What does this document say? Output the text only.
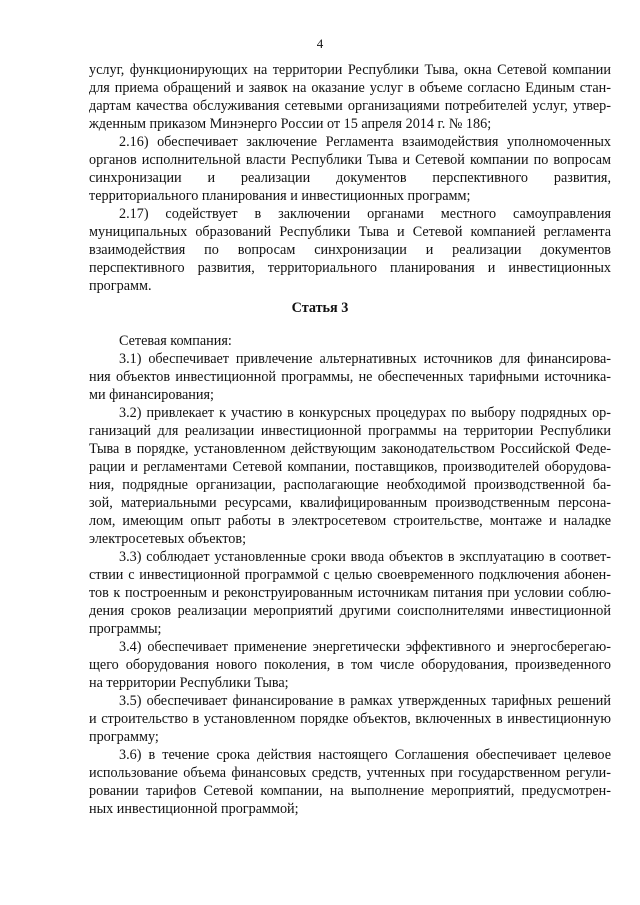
4
услуг, функционирующих на территории Республики Тыва, окна Сетевой компании
для приема обращений и заявок на оказание услуг в объеме согласно Единым стан-
дартам качества обслуживания сетевыми организациями потребителей услуг, утвер-
жденным приказом Минэнерго России от 15 апреля 2014 г. № 186;
2.16) обеспечивает заключение Регламента взаимодействия уполномоченных
органов исполнительной власти Республики Тыва и Сетевой компании по вопросам
синхронизации и реализации документов перспективного развития,
территориального планирования и инвестиционных программ;
2.17) содействует в заключении органами местного самоуправления
муниципальных образований Республики Тыва и Сетевой компанией регламента
взаимодействия по вопросам синхронизации и реализации документов
перспективного развития, территориального планирования и инвестиционных
программ.
Статья 3
Сетевая компания:
3.1) обеспечивает привлечение альтернативных источников для финансирова-
ния объектов инвестиционной программы, не обеспеченных тарифными источника-
ми финансирования;
3.2) привлекает к участию в конкурсных процедурах по выбору подрядных ор-
ганизаций для реализации инвестиционной программы на территории Республики
Тыва в порядке, установленном действующим законодательством Российской Феде-
рации и регламентами Сетевой компании, поставщиков, производителей оборудова-
ния, подрядные организации, располагающие необходимой производственной ба-
зой, материальными ресурсами, квалифицированным производственным персона-
лом, имеющим опыт работы в электросетевом строительстве, монтаже и наладке
электросетевых объектов;
3.3) соблюдает установленные сроки ввода объектов в эксплуатацию в соответ-
ствии с инвестиционной программой с целью своевременного подключения абонен-
тов к построенным и реконструированным источникам питания при условии соблю-
дения сроков реализации мероприятий другими соисполнителями инвестиционной
программы;
3.4) обеспечивает применение энергетически эффективного и энергосберегаю-
щего оборудования нового поколения, в том числе оборудования, произведенного
на территории Республики Тыва;
3.5) обеспечивает финансирование в рамках утвержденных тарифных решений
и строительство в установленном порядке объектов, включенных в инвестиционную
программу;
3.6) в течение срока действия настоящего Соглашения обеспечивает целевое
использование объема финансовых средств, учтенных при государственном регули-
ровании тарифов Сетевой компании, на выполнение мероприятий, предусмотрен-
ных инвестиционной программой;
